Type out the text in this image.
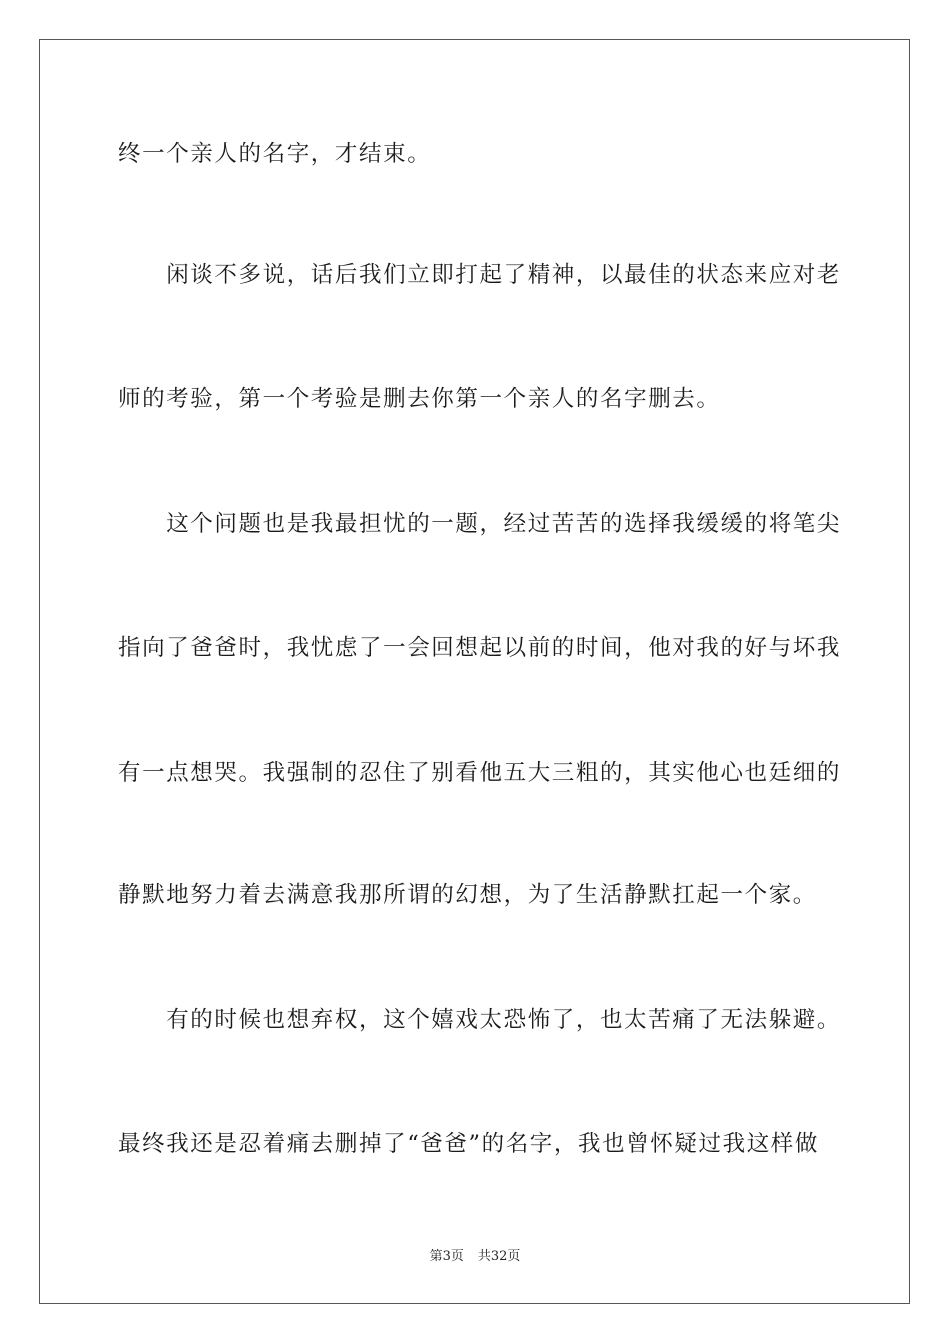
终一个亲人的名字，才结束。
　　闲谈不多说，话后我们立即打起了精神，以最佳的状态来应对老
师的考验，第一个考验是删去你第一个亲人的名字删去。
　　这个问题也是我最担忧的一题，经过苦苦的选择我缓缓的将笔尖
指向了爸爸时，我忧虑了一会回想起以前的时间，他对我的好与坏我
有一点想哭。我强制的忍住了别看他五大三粗的，其实他心也廷细的
静默地努力着去满意我那所谓的幻想，为了生活静默扛起一个家。
　　有的时候也想弃权，这个嬉戏太恐怖了，也太苦痛了无法躲避。
最终我还是忍着痛去删掉了“爸爸”的名字，我也曾怀疑过我这样做
第3页 共32页
